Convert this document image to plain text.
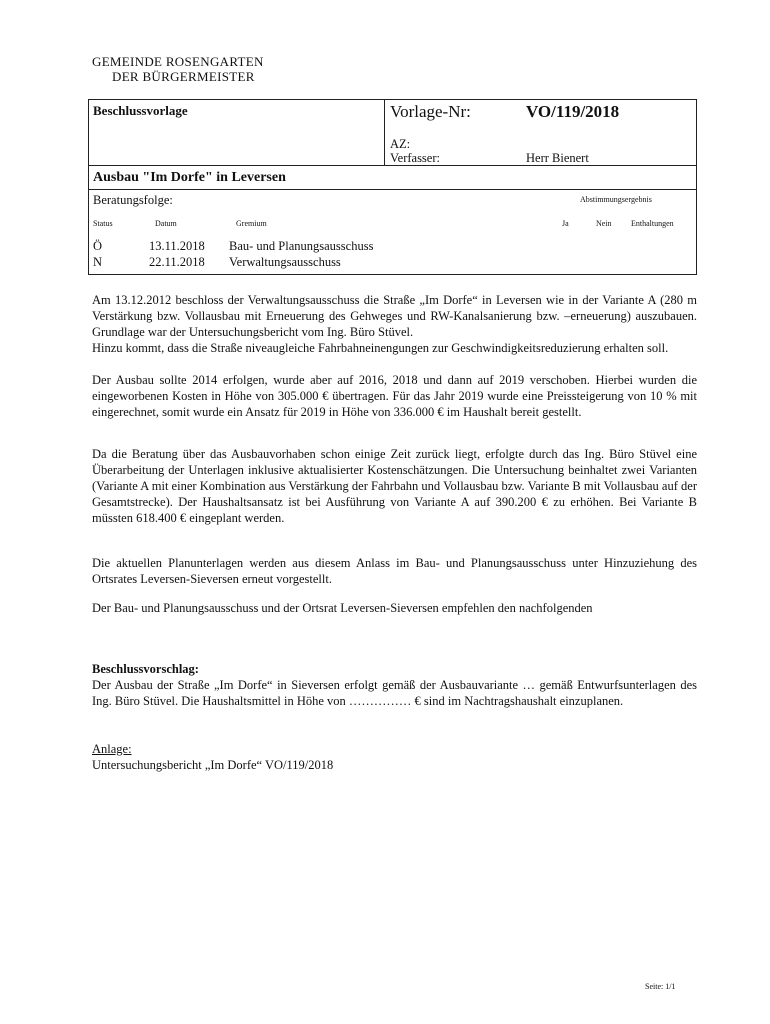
GEMEINDE ROSENGARTEN
DER BÜRGERMEISTER
Beschlussvorlage	Vorlage-Nr:	VO/119/2018
AZ:
Verfasser:	Herr Bienert
Ausbau "Im Dorfe" in Leversen
Beratungsfolge:	Abstimmungsergebnis
Status	Datum	Gremium	Ja	Nein Enthaltungen
Ö	13.11.2018 Bau- und Planungsausschuss
N	22.11.2018 Verwaltungsausschuss
Am 13.12.2012 beschloss der Verwaltungsausschuss die Straße „Im Dorfe“ in Leversen wie in der Variante A (280 m Verstärkung bzw. Vollausbau mit Erneuerung des Gehweges und RW-Kanalsanierung bzw. –erneuerung) auszubauen. Grundlage war der Untersuchungsbericht vom Ing. Büro Stüvel.
Hinzu kommt, dass die Straße niveaugleiche Fahrbahneinengungen zur Geschwindigkeitsreduzierung erhalten soll.
Der Ausbau sollte 2014 erfolgen, wurde aber auf 2016, 2018 und dann auf 2019 verschoben. Hierbei wurden die eingeworbenen Kosten in Höhe von 305.000 € übertragen. Für das Jahr 2019 wurde eine Preissteigerung von 10 % mit eingerechnet, somit wurde ein Ansatz für 2019 in Höhe von 336.000 € im Haushalt bereit gestellt.
Da die Beratung über das Ausbauvorhaben schon einige Zeit zurück liegt, erfolgte durch das Ing. Büro Stüvel eine Überarbeitung der Unterlagen inklusive aktualisierter Kostenschätzungen. Die Untersuchung beinhaltet zwei Varianten (Variante A mit einer Kombination aus Verstärkung der Fahrbahn und Vollausbau bzw. Variante B mit Vollausbau auf der Gesamtstrecke). Der Haushaltsansatz ist bei Ausführung von Variante A auf 390.200 € zu erhöhen. Bei Variante B müssten 618.400 € eingeplant werden.
Die aktuellen Planunterlagen werden aus diesem Anlass im Bau- und Planungsausschuss unter Hinzuziehung des Ortsrates Leversen-Sieversen erneut vorgestellt.
Der Bau- und Planungsausschuss und der Ortsrat Leversen-Sieversen empfehlen den nachfolgenden
Beschlussvorschlag:
Der Ausbau der Straße „Im Dorfe“ in Sieversen erfolgt gemäß der Ausbauvariante … gemäß Entwurfsunterlagen des Ing. Büro Stüvel. Die Haushaltsmittel in Höhe von …………… € sind im Nachtragshaushalt einzuplanen.
Anlage:
Untersuchungsbericht „Im Dorfe“ VO/119/2018
Seite: 1/1
